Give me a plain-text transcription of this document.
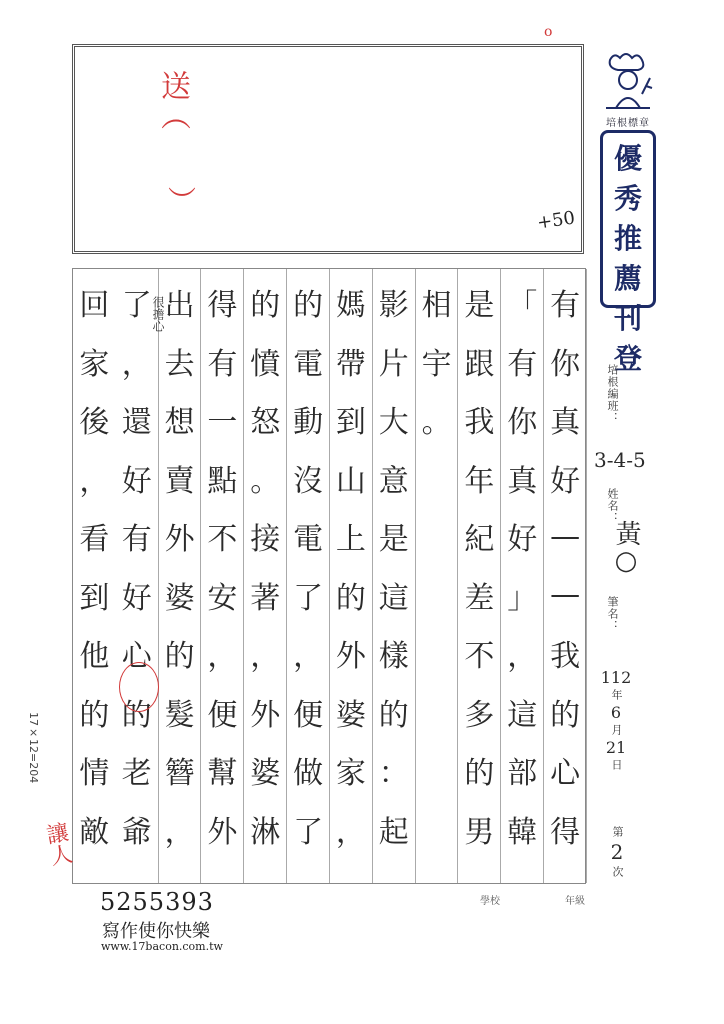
o
送（
）
+50
培根標章
優
秀
推
薦
刊
登
培根編班：
3-4-5
姓名：
黃○
筆名：
112
年
6
月
21
日
第
2
次
有
你
真
好
—
—
我
的
心
得
「
有
你
真
好
」
，
這
部
韓
是
跟
我
年
紀
差
不
多
的
男
相
宇
。
影
片
大
意
是
這
樣
的
：
起
媽
帶
到
山
上
的
外
婆
家
，
的
電
動
沒
電
了
，
便
做
了
的
憤
怒
。
接
著
，
外
婆
淋
得
有
一
點
不
安
，
便
幫
外
出
去
想
賣
外
婆
的
髮
簪
，
了
，
還
好
有
好
心
的
老
爺
回
家
後
，
看
到
他
的
情
敵
很擔心
17×12=204
讓人
學校	年級
5255393
寫作使你快樂
www.17bacon.com.tw
